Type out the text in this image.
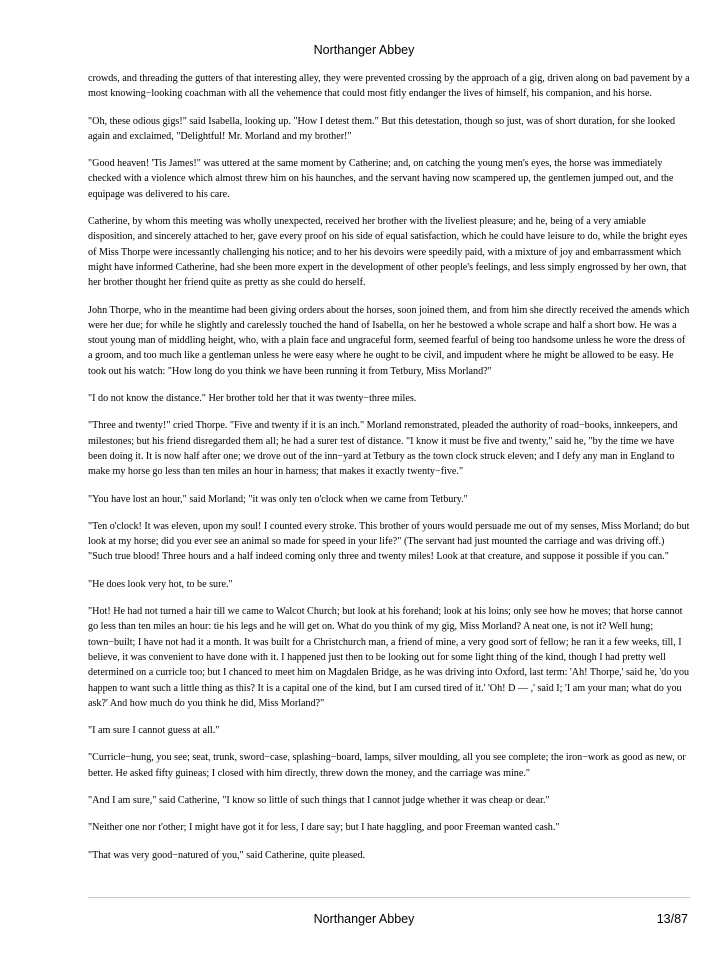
Northanger Abbey

crowds, and threading the gutters of that interesting alley, they were prevented crossing by the approach of a gig, driven along on bad pavement by a most knowing−looking coachman with all the vehemence that could most fitly endanger the lives of himself, his companion, and his horse.

"Oh, these odious gigs!" said Isabella, looking up. "How I detest them." But this detestation, though so just, was of short duration, for she looked again and exclaimed, "Delightful! Mr. Morland and my brother!"

"Good heaven! 'Tis James!" was uttered at the same moment by Catherine; and, on catching the young men's eyes, the horse was immediately checked with a violence which almost threw him on his haunches, and the servant having now scampered up, the gentlemen jumped out, and the equipage was delivered to his care.

Catherine, by whom this meeting was wholly unexpected, received her brother with the liveliest pleasure; and he, being of a very amiable disposition, and sincerely attached to her, gave every proof on his side of equal satisfaction, which he could have leisure to do, while the bright eyes of Miss Thorpe were incessantly challenging his notice; and to her his devoirs were speedily paid, with a mixture of joy and embarrassment which might have informed Catherine, had she been more expert in the development of other people's feelings, and less simply engrossed by her own, that her brother thought her friend quite as pretty as she could do herself.

John Thorpe, who in the meantime had been giving orders about the horses, soon joined them, and from him she directly received the amends which were her due; for while he slightly and carelessly touched the hand of Isabella, on her he bestowed a whole scrape and half a short bow. He was a stout young man of middling height, who, with a plain face and ungraceful form, seemed fearful of being too handsome unless he wore the dress of a groom, and too much like a gentleman unless he were easy where he ought to be civil, and impudent where he might be allowed to be easy. He took out his watch: "How long do you think we have been running it from Tetbury, Miss Morland?"

"I do not know the distance." Her brother told her that it was twenty−three miles.

"Three and twenty!" cried Thorpe. "Five and twenty if it is an inch." Morland remonstrated, pleaded the authority of road−books, innkeepers, and milestones; but his friend disregarded them all; he had a surer test of distance. "I know it must be five and twenty," said he, "by the time we have been doing it. It is now half after one; we drove out of the inn−yard at Tetbury as the town clock struck eleven; and I defy any man in England to make my horse go less than ten miles an hour in harness; that makes it exactly twenty−five."

"You have lost an hour," said Morland; "it was only ten o'clock when we came from Tetbury."

"Ten o'clock! It was eleven, upon my soul! I counted every stroke. This brother of yours would persuade me out of my senses, Miss Morland; do but look at my horse; did you ever see an animal so made for speed in your life?" (The servant had just mounted the carriage and was driving off.) "Such true blood! Three hours and a half indeed coming only three and twenty miles! Look at that creature, and suppose it possible if you can."

"He does look very hot, to be sure."

"Hot! He had not turned a hair till we came to Walcot Church; but look at his forehand; look at his loins; only see how he moves; that horse cannot go less than ten miles an hour: tie his legs and he will get on. What do you think of my gig, Miss Morland? A neat one, is not it? Well hung; town−built; I have not had it a month. It was built for a Christchurch man, a friend of mine, a very good sort of fellow; he ran it a few weeks, till, I believe, it was convenient to have done with it. I happened just then to be looking out for some light thing of the kind, though I had pretty well determined on a curricle too; but I chanced to meet him on Magdalen Bridge, as he was driving into Oxford, last term: 'Ah! Thorpe,' said he, 'do you happen to want such a little thing as this? It is a capital one of the kind, but I am cursed tired of it.' 'Oh! D — ,' said I; 'I am your man; what do you ask?' And how much do you think he did, Miss Morland?"

"I am sure I cannot guess at all."

"Curricle−hung, you see; seat, trunk, sword−case, splashing−board, lamps, silver moulding, all you see complete; the iron−work as good as new, or better. He asked fifty guineas; I closed with him directly, threw down the money, and the carriage was mine."

"And I am sure," said Catherine, "I know so little of such things that I cannot judge whether it was cheap or dear."

"Neither one nor t'other; I might have got it for less, I dare say; but I hate haggling, and poor Freeman wanted cash."

"That was very good−natured of you," said Catherine, quite pleased.

Northanger Abbey	13/87
